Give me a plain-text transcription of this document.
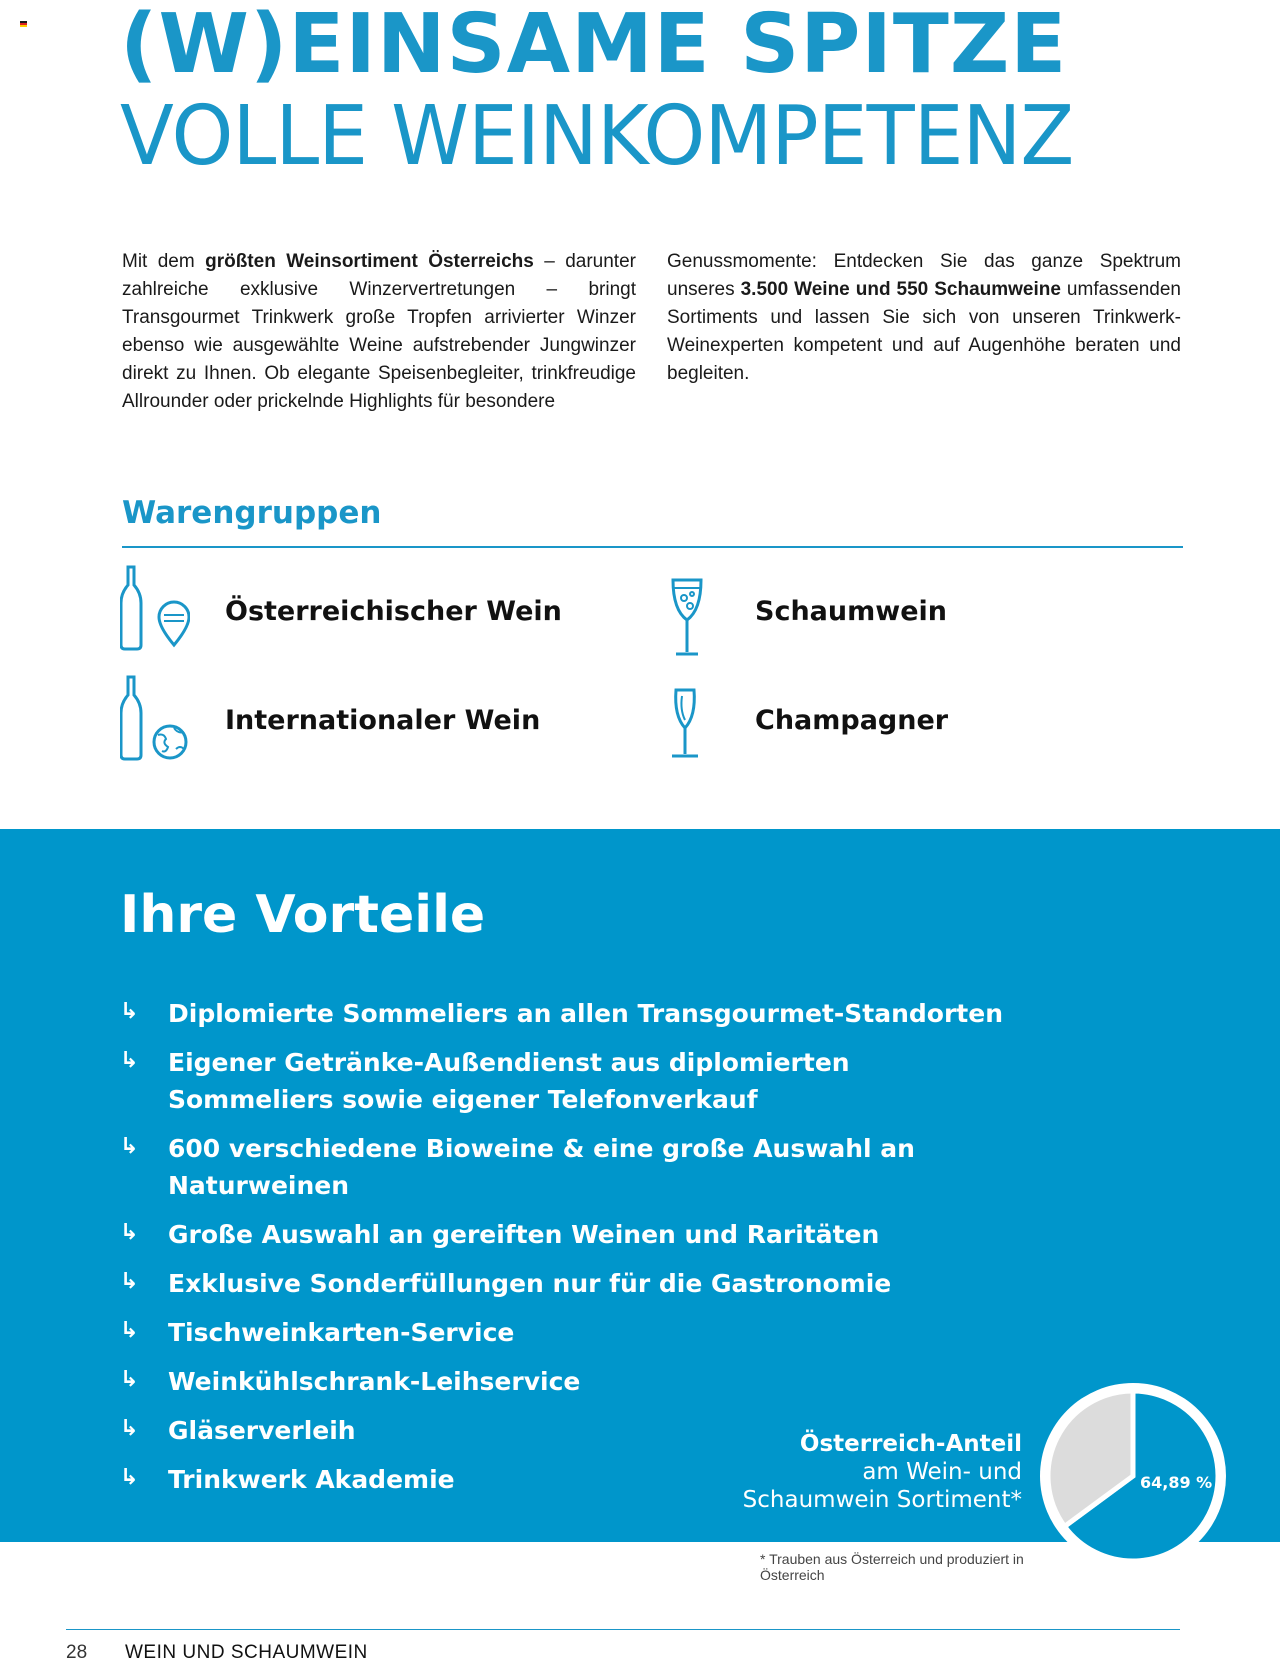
(W)EINSAME SPITZE
VOLLE WEINKOMPETENZ

Mit dem größten Weinsortiment Österreichs – darunter zahlreiche exklusive Winzervertretungen – bringt Transgourmet Trinkwerk große Tropfen arrivierter Winzer ebenso wie ausgewählte Weine aufstrebender Jungwinzer direkt zu Ihnen. Ob elegante Speisenbegleiter, trinkfreudige Allrounder oder prickelnde Highlights für besondere

Genussmomente: Entdecken Sie das ganze Spektrum unseres 3.500 Weine und 550 Schaumweine umfassenden Sortiments und lassen Sie sich von unseren Trinkwerk-Weinexperten kompetent und auf Augenhöhe beraten und begleiten.

Warengruppen
Österreichischer Wein	Schaumwein
Internationaler Wein	Champagner
Ihre Vorteile
↳ Diplomierte Sommeliers an allen Transgourmet-Standorten
↳ Eigener Getränke-Außendienst aus diplomierten Sommeliers sowie eigener Telefonverkauf
↳ 600 verschiedene Bioweine & eine große Auswahl an Naturweinen
↳ Große Auswahl an gereiften Weinen und Raritäten
↳ Exklusive Sonderfüllungen nur für die Gastronomie
↳ Tischweinkarten-Service
↳ Weinkühlschrank-Leihservice
↳ Gläserverleih
↳ Trinkwerk Akademie
Österreich-Anteil
am Wein- und
Schaumwein Sortiment*
64,89 %

* Trauben aus Österreich und produziert in Österreich

28 WEIN UND SCHAUMWEIN
